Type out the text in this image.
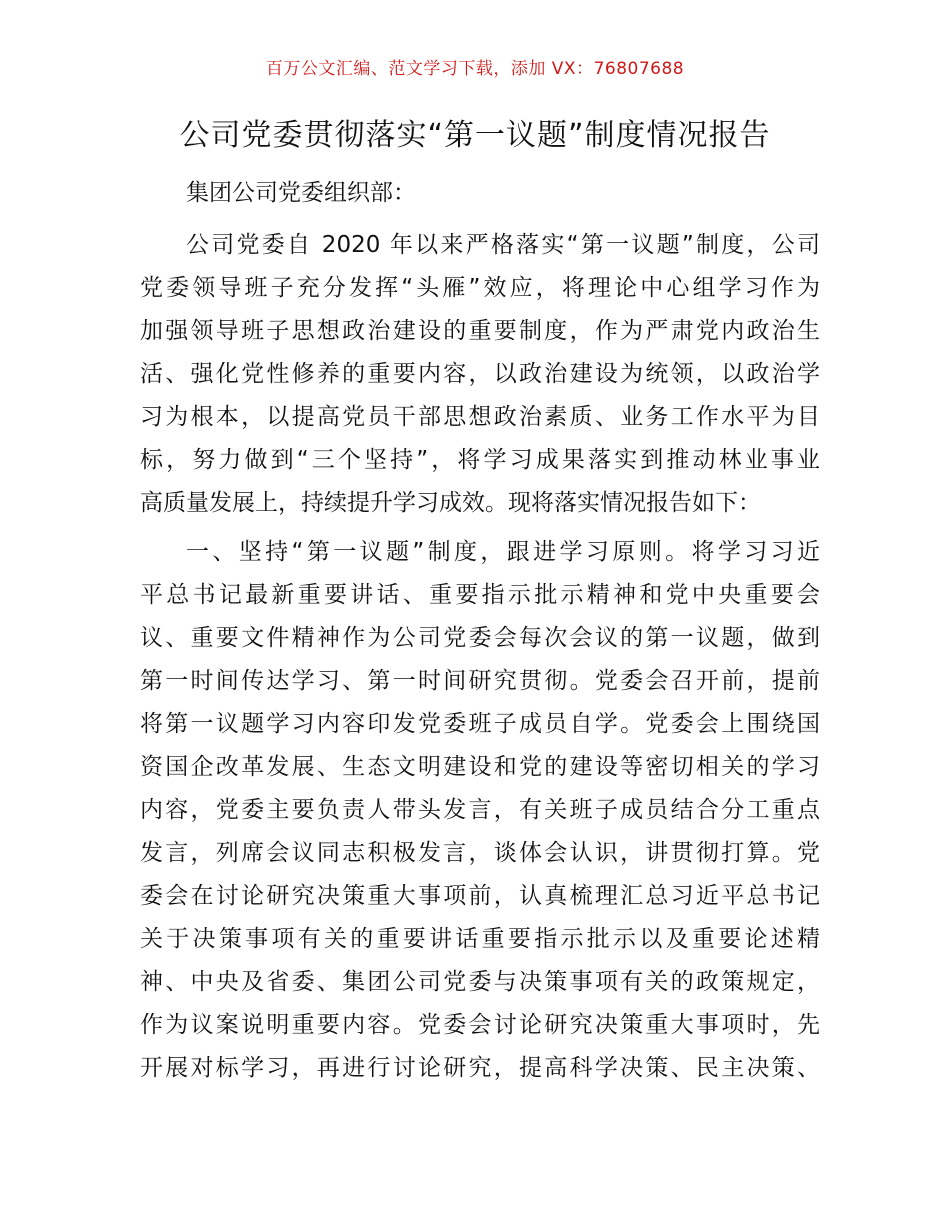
百万公文汇编、范文学习下载，添加 VX：76807688
公司党委贯彻落实“第一议题”制度情况报告

集团公司党委组织部：

公司党委自 2020 年以来严格落实“第一议题”制度，公司
党委领导班子充分发挥“头雁”效应，将理论中心组学习作为
加强领导班子思想政治建设的重要制度，作为严肃党内政治生
活、强化党性修养的重要内容，以政治建设为统领，以政治学
习为根本，以提高党员干部思想政治素质、业务工作水平为目
标，努力做到“三个坚持”，将学习成果落实到推动林业事业
高质量发展上，持续提升学习成效。现将落实情况报告如下：
一、坚持“第一议题”制度，跟进学习原则。将学习习近
平总书记最新重要讲话、重要指示批示精神和党中央重要会
议、重要文件精神作为公司党委会每次会议的第一议题，做到
第一时间传达学习、第一时间研究贯彻。党委会召开前，提前
将第一议题学习内容印发党委班子成员自学。党委会上围绕国
资国企改革发展、生态文明建设和党的建设等密切相关的学习
内容，党委主要负责人带头发言，有关班子成员结合分工重点
发言，列席会议同志积极发言，谈体会认识，讲贯彻打算。党
委会在讨论研究决策重大事项前，认真梳理汇总习近平总书记
关于决策事项有关的重要讲话重要指示批示以及重要论述精
神、中央及省委、集团公司党委与决策事项有关的政策规定，
作为议案说明重要内容。党委会讨论研究决策重大事项时，先
开展对标学习，再进行讨论研究，提高科学决策、民主决策、
